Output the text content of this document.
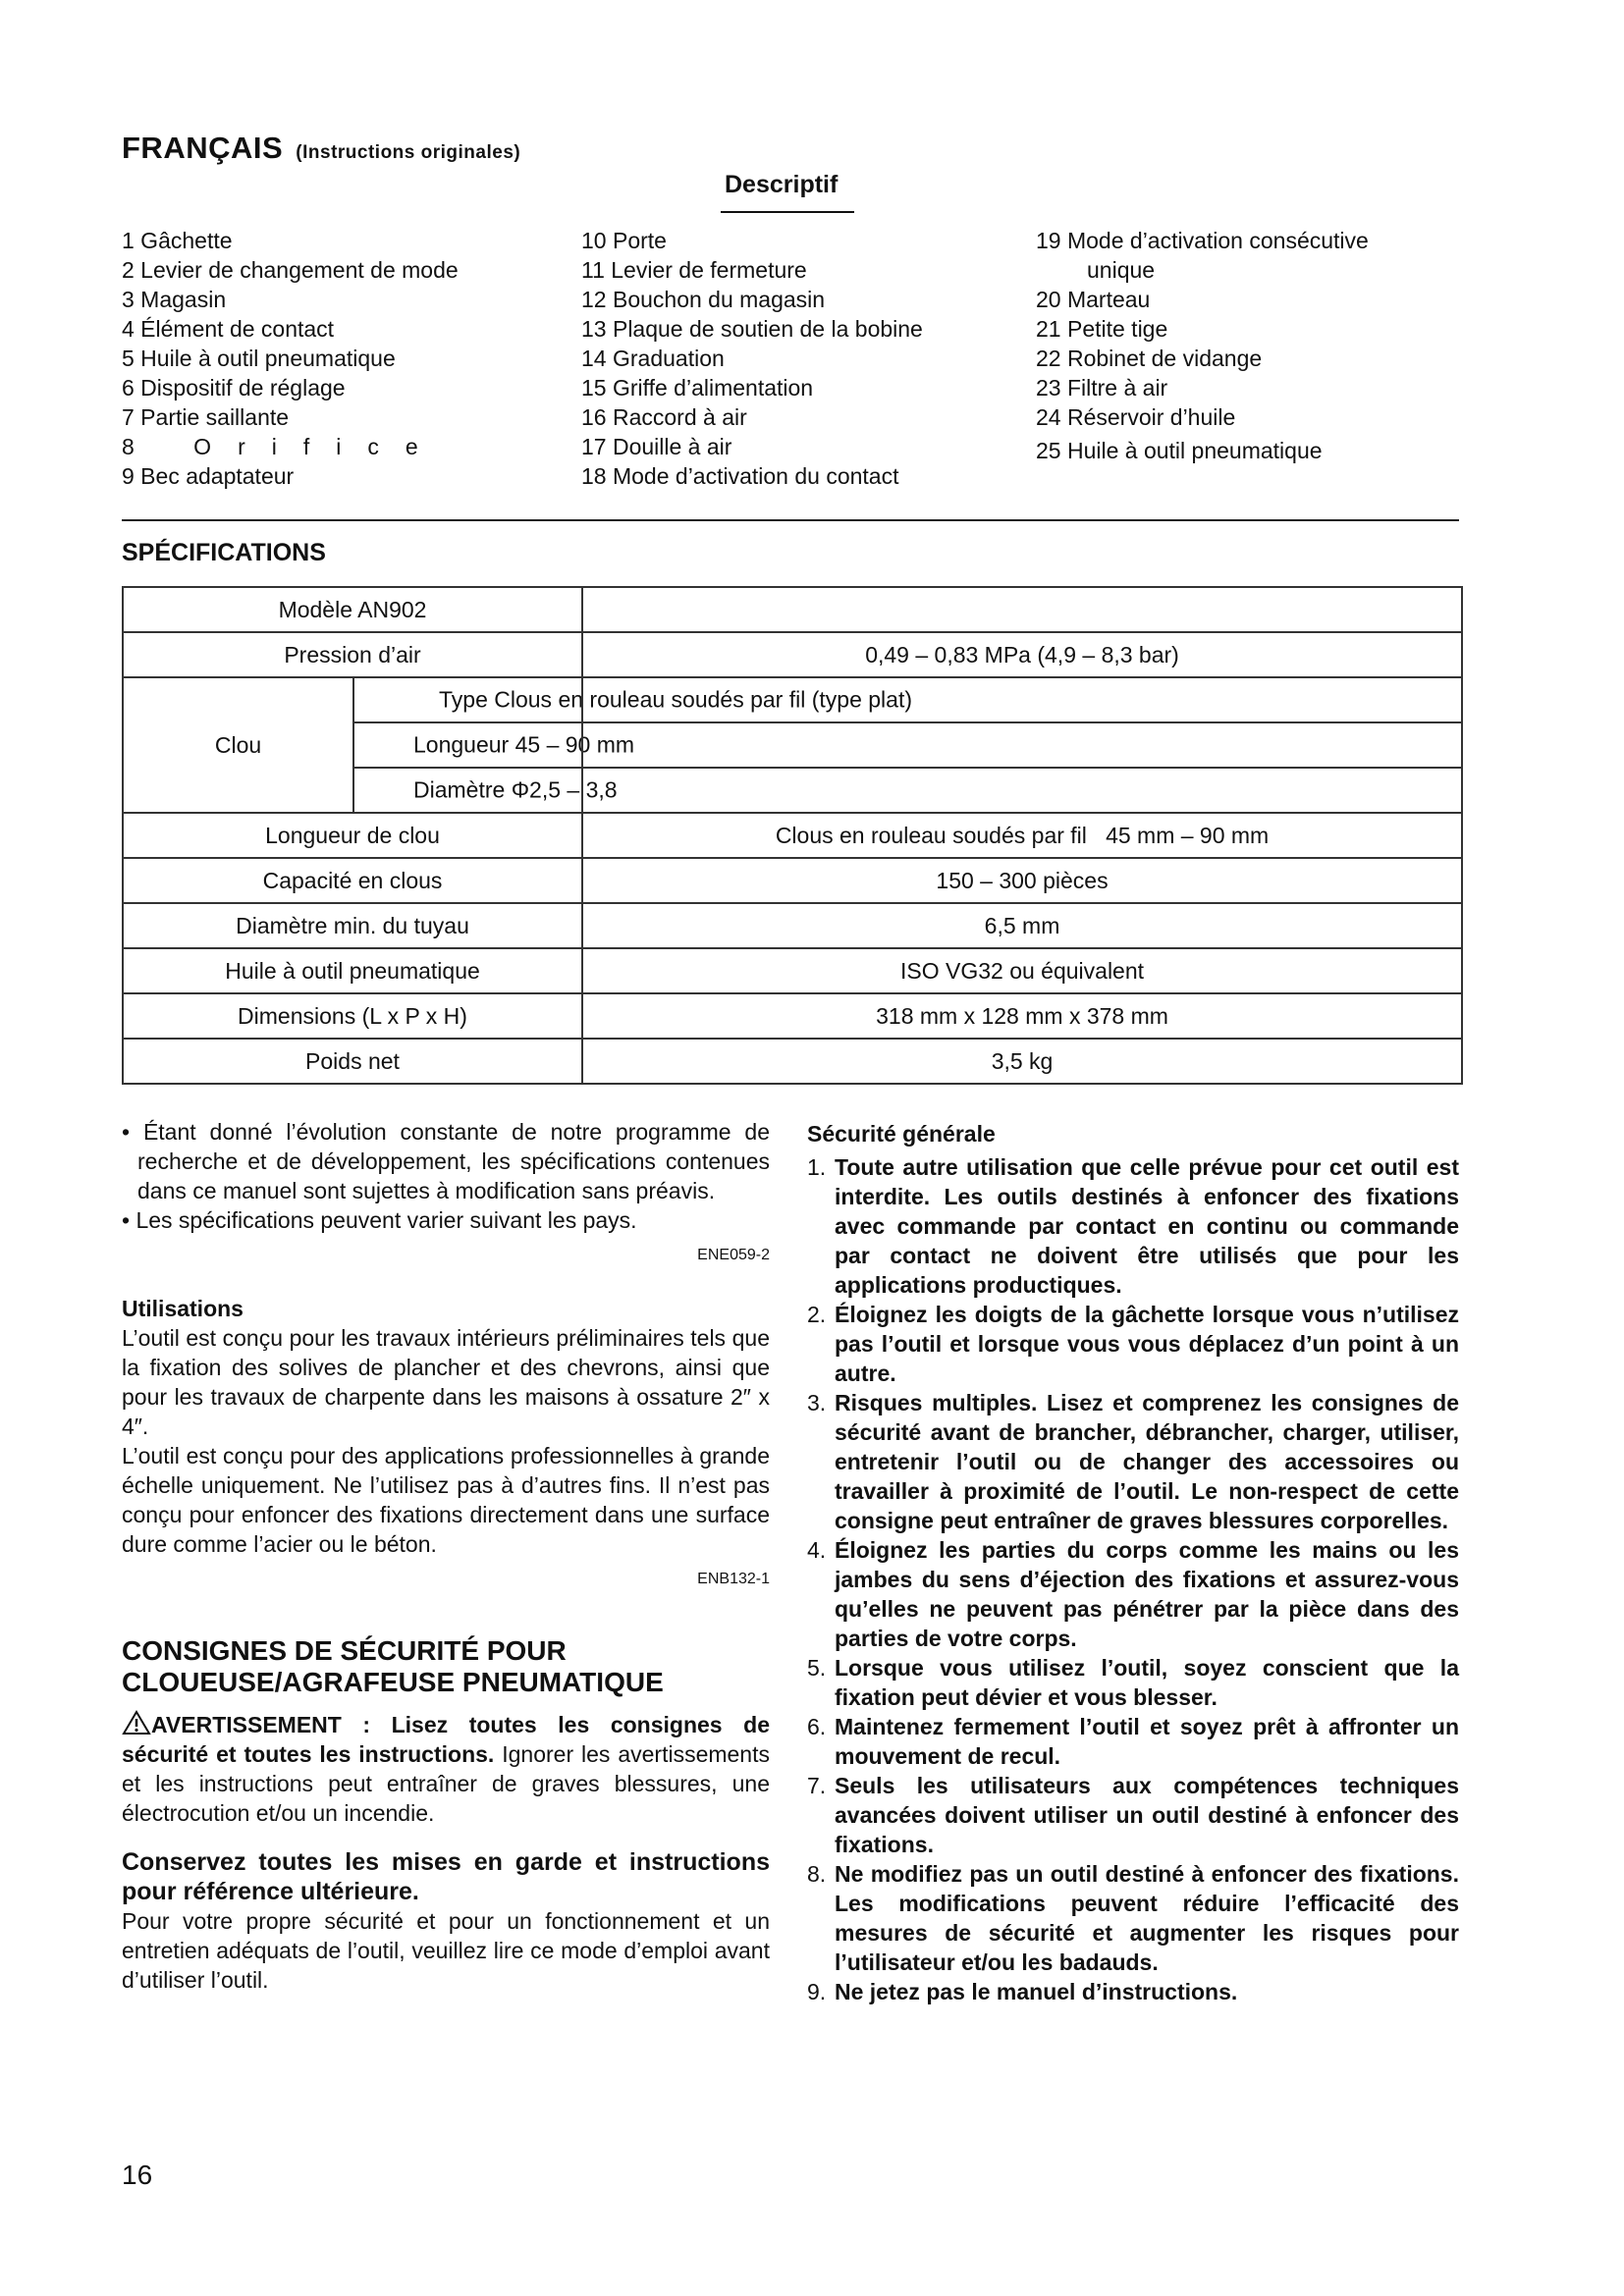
FRANÇAIS (Instructions originales)
Descriptif
1 Gâchette
2 Levier de changement de mode
3 Magasin
4 Élément de contact
5 Huile à outil pneumatique
6 Dispositif de réglage
7 Partie saillante
8 Orifice
9 Bec adaptateur
10 Porte
11 Levier de fermeture
12 Bouchon du magasin
13 Plaque de soutien de la bobine
14 Graduation
15 Griffe d’alimentation
16 Raccord à air
17 Douille à air
18 Mode d’activation du contact
19 Mode d’activation consécutive
unique
20 Marteau
21 Petite tige
22 Robinet de vidange
23 Filtre à air
24 Réservoir d’huile
25 Huile à outil pneumatique
SPÉCIFICATIONS
Modèle AN902		
Pression d’air		0,49 – 0,83 MPa (4,9 – 8,3 bar)
Clou	Type Clous en rouleau soudés par fil (type plat)	

	Longueur 45 – 90 mm	

	Diamètre Φ2,5 – 3,8	

Longueur de clou		Clous en rouleau soudés par fil   45 mm – 90 mm
Capacité en clous		150 – 300 pièces
Diamètre min. du tuyau		6,5 mm
Huile à outil pneumatique		ISO VG32 ou équivalent
Dimensions (L x P x H)		318 mm x 128 mm x 378 mm
Poids net		3,5 kg
• Étant donné l’évolution constante de notre programme de recherche et de développement, les spécifications contenues dans ce manuel sont sujettes à modification sans préavis.
• Les spécifications peuvent varier suivant les pays.
ENE059-2
Utilisations
L’outil est conçu pour les travaux intérieurs préliminaires tels que la fixation des solives de plancher et des chevrons, ainsi que pour les travaux de charpente dans les maisons à ossature 2″ x 4″.
L’outil est conçu pour des applications professionnelles à grande échelle uniquement. Ne l’utilisez pas à d’autres fins. Il n’est pas conçu pour enfoncer des fixations directement dans une surface dure comme l’acier ou le béton.
ENB132-1
CONSIGNES DE SÉCURITÉ POUR
CLOUEUSE/AGRAFEUSE PNEUMATIQUE
AVERTISSEMENT : Lisez toutes les consignes de sécurité et toutes les instructions. Ignorer les avertissements et les instructions peut entraîner de graves blessures, une électrocution et/ou un incendie.
Conservez toutes les mises en garde et instructions pour référence ultérieure.
Pour votre propre sécurité et pour un fonctionnement et un entretien adéquats de l’outil, veuillez lire ce mode d’emploi avant d’utiliser l’outil.
Sécurité générale
1. Toute autre utilisation que celle prévue pour cet outil est interdite. Les outils destinés à enfoncer des fixations avec commande par contact en continu ou commande par contact ne doivent être utilisés que pour les applications productiques.
2. Éloignez les doigts de la gâchette lorsque vous n’utilisez pas l’outil et lorsque vous vous déplacez d’un point à un autre.
3. Risques multiples. Lisez et comprenez les consignes de sécurité avant de brancher, débrancher, charger, utiliser, entretenir l’outil ou de changer des accessoires ou travailler à proximité de l’outil. Le non-respect de cette consigne peut entraîner de graves blessures corporelles.
4. Éloignez les parties du corps comme les mains ou les jambes du sens d’éjection des fixations et assurez-vous qu’elles ne peuvent pas pénétrer par la pièce dans des parties de votre corps.
5. Lorsque vous utilisez l’outil, soyez conscient que la fixation peut dévier et vous blesser.
6. Maintenez fermement l’outil et soyez prêt à affronter un mouvement de recul.
7. Seuls les utilisateurs aux compétences techniques avancées doivent utiliser un outil destiné à enfoncer des fixations.
8. Ne modifiez pas un outil destiné à enfoncer des fixations. Les modifications peuvent réduire l’efficacité des mesures de sécurité et augmenter les risques pour l’utilisateur et/ou les badauds.
9. Ne jetez pas le manuel d’instructions.
16
